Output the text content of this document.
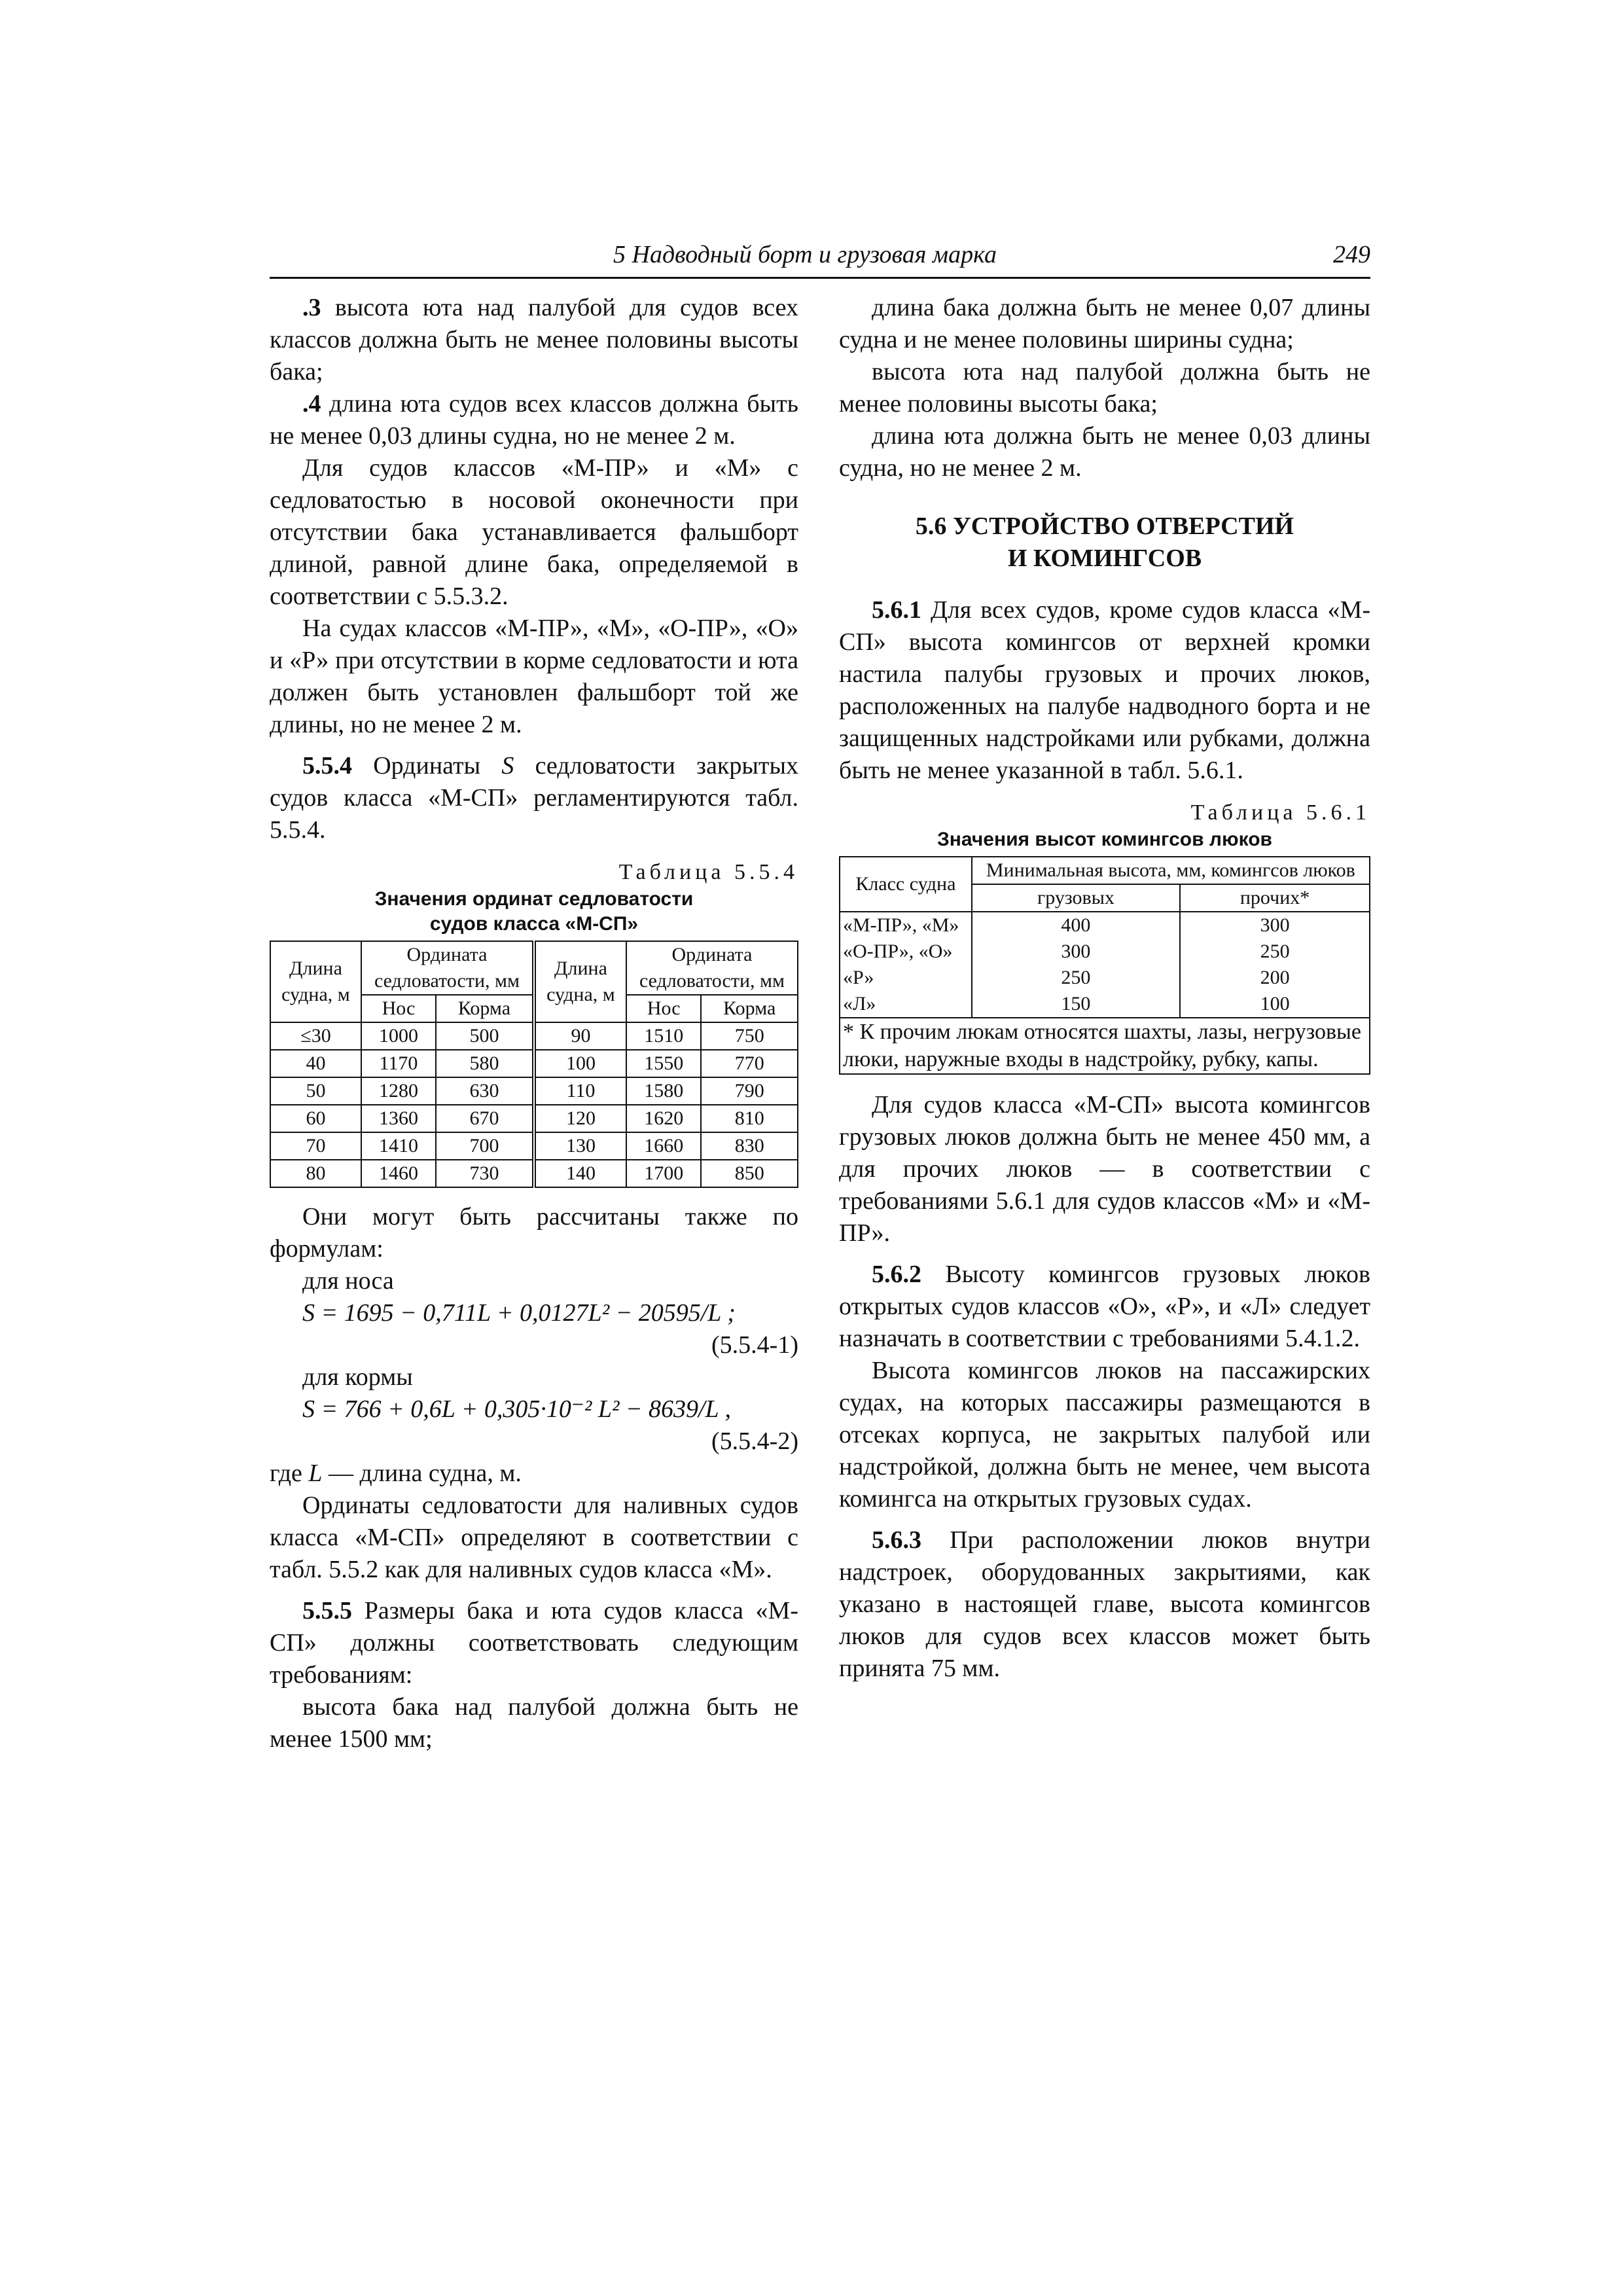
5 Надводный борт и грузовая марка	249

.3 высота юта над палубой для судов всех классов должна быть не менее половины высоты бака;

.4 длина юта судов всех классов должна быть не менее 0,03 длины судна, но не менее 2 м.

Для судов классов «М-ПР» и «М» с седловатостью в носовой оконечности при отсутствии бака устанавливается фальшборт длиной, равной длине бака, определяемой в соответствии с 5.5.3.2.

На судах классов «М-ПР», «М», «О-ПР», «О» и «Р» при отсутствии в корме седловатости и юта должен быть установлен фальшборт той же длины, но не менее 2 м.

5.5.4 Ординаты S седловатости закрытых судов класса «М-СП» регламентируются табл. 5.5.4.

Таблица 5.5.4
Значения ординат седловатости
судов класса «М-СП»
Длина судна, м	Ордината седловатости, мм		Длина судна, м	Ордината седловатости, мм	
	Нос	Корма		Нос	Корма
≤30	1000	500	90	1510	750
40	1170	580	100	1550	770
50	1280	630	110	1580	790
60	1360	670	120	1620	810
70	1410	700	130	1660	830
80	1460	730	140	1700	850

Они могут быть рассчитаны также по формулам:

для носа

S = 1695 − 0,711L + 0,0127L² − 20595/L ;

(5.5.4-1)

для кормы

S = 766 + 0,6L + 0,305·10⁻² L² − 8639/L ,

(5.5.4-2)

где L — длина судна, м.

Ординаты седловатости для наливных судов класса «М-СП» определяют в соответствии с табл. 5.5.2 как для наливных судов класса «М».

5.5.5 Размеры бака и юта судов класса «М-СП» должны соответствовать следующим требованиям:

высота бака над палубой должна быть не менее 1500 мм;

длина бака должна быть не менее 0,07 длины судна и не менее половины ширины судна;

высота юта над палубой должна быть не менее половины высоты бака;

длина юта должна быть не менее 0,03 длины судна, но не менее 2 м.

5.6 УСТРОЙСТВО ОТВЕРСТИЙ
И КОМИНГСОВ

5.6.1 Для всех судов, кроме судов класса «М-СП» высота комингсов от верхней кромки настила палубы грузовых и прочих люков, расположенных на палубе надводного борта и не защищенных надстройками или рубками, должна быть не менее указанной в табл. 5.6.1.

Таблица 5.6.1
Значения высот комингсов люков
Класс судна	Минимальная высота, мм, комингсов люков	
	грузовых	прочих*
«М-ПР», «М»	400	300
«О-ПР», «О»	300	250
«Р»	250	200
«Л»	150	100
* К прочим люкам относятся шахты, лазы, негрузовые люки, наружные входы в надстройку, рубку, капы.		

Для судов класса «М-СП» высота комингсов грузовых люков должна быть не менее 450 мм, а для прочих люков — в соответствии с требованиями 5.6.1 для судов классов «М» и «М-ПР».

5.6.2 Высоту комингсов грузовых люков открытых судов классов «О», «Р», и «Л» следует назначать в соответствии с требованиями 5.4.1.2.

Высота комингсов люков на пассажирских судах, на которых пассажиры размещаются в отсеках корпуса, не закрытых палубой или надстройкой, должна быть не менее, чем высота комингса на открытых грузовых судах.

5.6.3 При расположении люков внутри надстроек, оборудованных закрытиями, как указано в настоящей главе, высота комингсов люков для судов всех классов может быть принята 75 мм.
